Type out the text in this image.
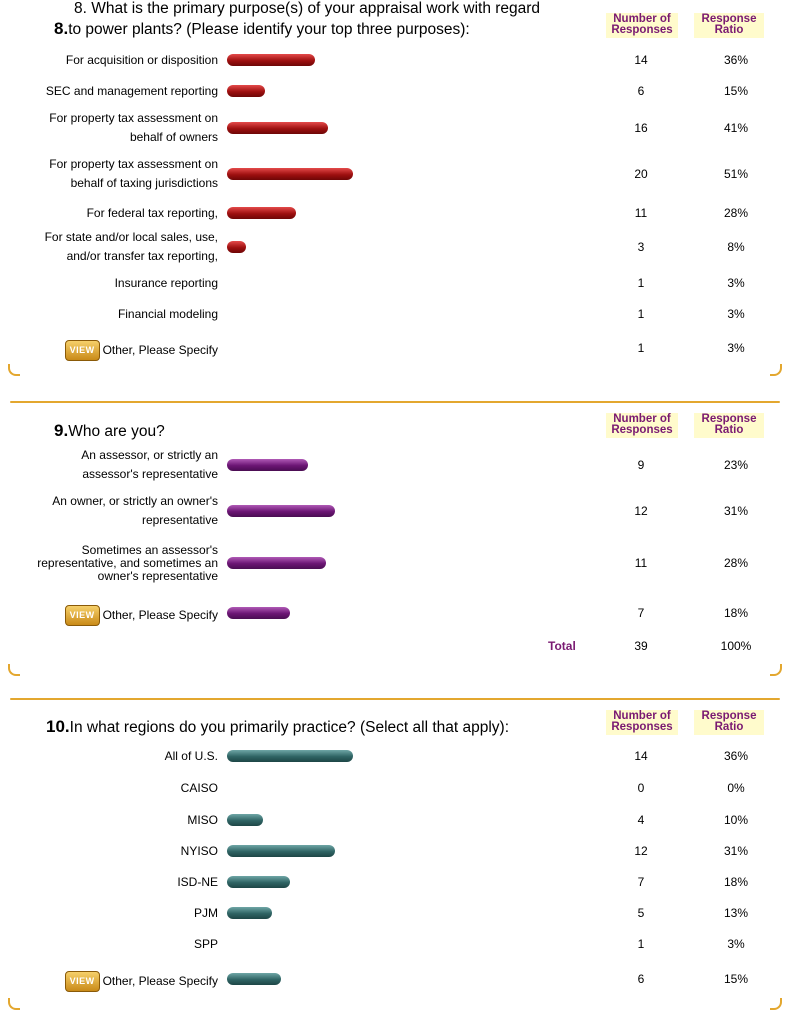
8. What is the primary purpose(s) of your appraisal work with regard
8.to power plants? (Please identify your top three purposes):
Number of Responses
Response Ratio
For acquisition or disposition	14	36%
SEC and management reporting	6	15%
For property tax assessment on
behalf of owners
16	41%
For property tax assessment on
behalf of taxing jurisdictions
20	51%
For federal tax reporting,	11	28%
For state and/or local sales, use,
and/or transfer tax reporting,
3	8%
Insurance reporting	1	3%
Financial modeling	1	3%
VIEW Other, Please Specify	1	3%
9.Who are you?
Number of Responses
Response Ratio
An assessor, or strictly an
assessor's representative
9	23%
An owner, or strictly an owner's
representative
12	31%
Sometimes an assessor's
representative, and sometimes an
owner's representative
11	28%
VIEW Other, Please Specify	7	18%
Total	39	100%
10.In what regions do you primarily practice? (Select all that apply):
Number of Responses
Response Ratio
All of U.S.	14	36%
CAISO	0	0%
MISO	4	10%
NYISO	12	31%
ISD-NE	7	18%
PJM	5	13%
SPP	1	3%
VIEW Other, Please Specify	6	15%
